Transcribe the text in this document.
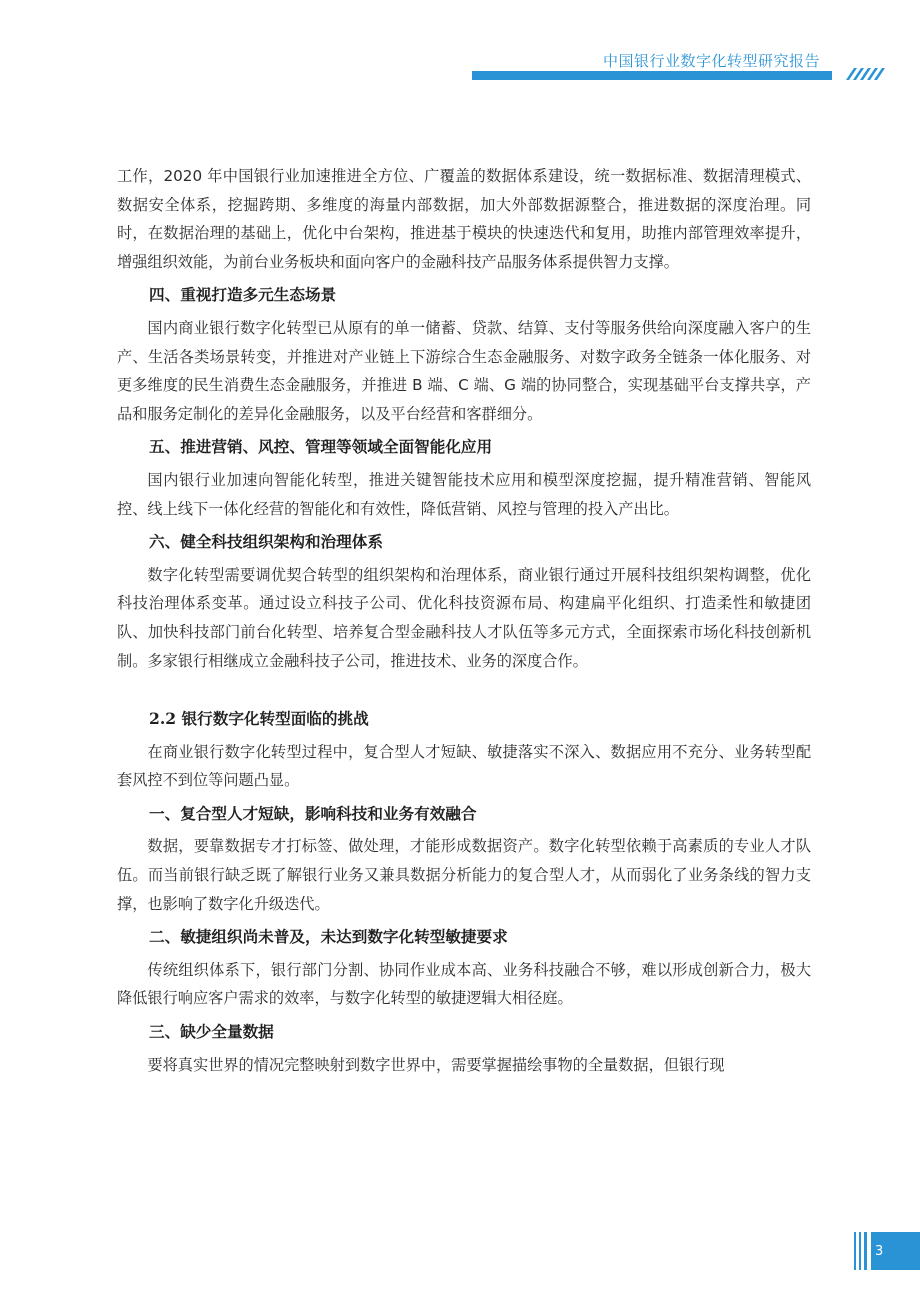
中国银行业数字化转型研究报告

工作，2020 年中国银行业加速推进全方位、广覆盖的数据体系建设，统一数据标准、数据清理模式、数据安全体系，挖掘跨期、多维度的海量内部数据，加大外部数据源整合，推进数据的深度治理。同时，在数据治理的基础上，优化中台架构，推进基于模块的快速迭代和复用，助推内部管理效率提升，增强组织效能，为前台业务板块和面向客户的金融科技产品服务体系提供智力支撑。

四、重视打造多元生态场景

国内商业银行数字化转型已从原有的单一储蓄、贷款、结算、支付等服务供给向深度融入客户的生产、生活各类场景转变，并推进对产业链上下游综合生态金融服务、对数字政务全链条一体化服务、对更多维度的民生消费生态金融服务，并推进 B 端、C 端、G 端的协同整合，实现基础平台支撑共享，产品和服务定制化的差异化金融服务，以及平台经营和客群细分。

五、推进营销、风控、管理等领域全面智能化应用

国内银行业加速向智能化转型，推进关键智能技术应用和模型深度挖掘，提升精准营销、智能风控、线上线下一体化经营的智能化和有效性，降低营销、风控与管理的投入产出比。

六、健全科技组织架构和治理体系

数字化转型需要调优契合转型的组织架构和治理体系，商业银行通过开展科技组织架构调整，优化科技治理体系变革。通过设立科技子公司、优化科技资源布局、构建扁平化组织、打造柔性和敏捷团队、加快科技部门前台化转型、培养复合型金融科技人才队伍等多元方式，全面探索市场化科技创新机制。多家银行相继成立金融科技子公司，推进技术、业务的深度合作。

2.2 银行数字化转型面临的挑战

在商业银行数字化转型过程中，复合型人才短缺、敏捷落实不深入、数据应用不充分、业务转型配套风控不到位等问题凸显。

一、复合型人才短缺，影响科技和业务有效融合

数据，要靠数据专才打标签、做处理，才能形成数据资产。数字化转型依赖于高素质的专业人才队伍。而当前银行缺乏既了解银行业务又兼具数据分析能力的复合型人才，从而弱化了业务条线的智力支撑，也影响了数字化升级迭代。

二、敏捷组织尚未普及，未达到数字化转型敏捷要求

传统组织体系下，银行部门分割、协同作业成本高、业务科技融合不够，难以形成创新合力，极大降低银行响应客户需求的效率，与数字化转型的敏捷逻辑大相径庭。

三、缺少全量数据

要将真实世界的情况完整映射到数字世界中，需要掌握描绘事物的全量数据，但银行现

3
